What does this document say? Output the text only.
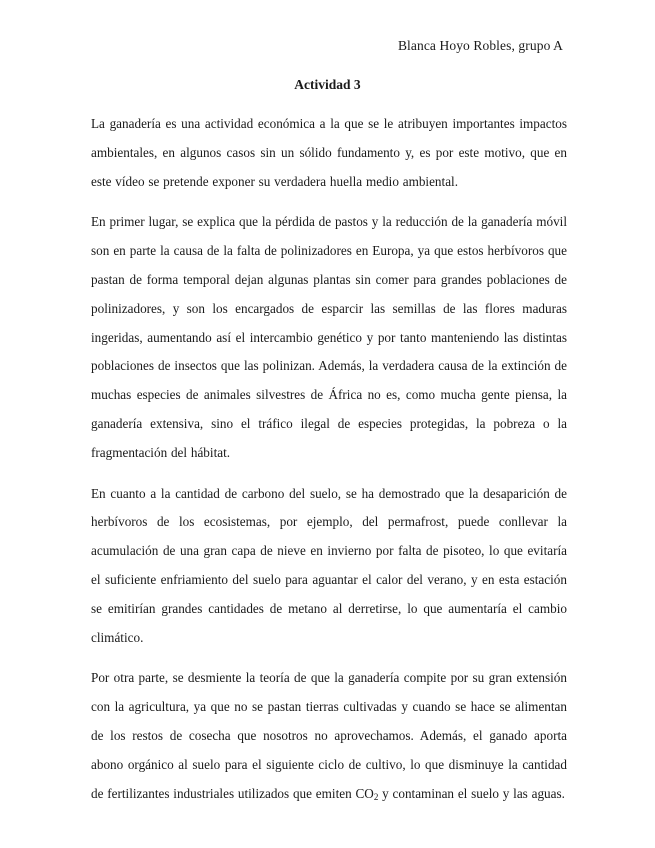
Blanca Hoyo Robles, grupo A
Actividad 3

La ganadería es una actividad económica a la que se le atribuyen importantes impactos ambientales, en algunos casos sin un sólido fundamento y, es por este motivo, que en este vídeo se pretende exponer su verdadera huella medio ambiental.

En primer lugar, se explica que la pérdida de pastos y la reducción de la ganadería móvil son en parte la causa de la falta de polinizadores en Europa, ya que estos herbívoros que pastan de forma temporal dejan algunas plantas sin comer para grandes poblaciones de polinizadores, y son los encargados de esparcir las semillas de las flores maduras ingeridas, aumentando así el intercambio genético y por tanto manteniendo las distintas poblaciones de insectos que las polinizan. Además, la verdadera causa de la extinción de muchas especies de animales silvestres de África no es, como mucha gente piensa, la ganadería extensiva, sino el tráfico ilegal de especies protegidas, la pobreza o la fragmentación del hábitat.

En cuanto a la cantidad de carbono del suelo, se ha demostrado que la desaparición de herbívoros de los ecosistemas, por ejemplo, del permafrost, puede conllevar la acumulación de una gran capa de nieve en invierno por falta de pisoteo, lo que evitaría el suficiente enfriamiento del suelo para aguantar el calor del verano, y en esta estación se emitirían grandes cantidades de metano al derretirse, lo que aumentaría el cambio climático.

Por otra parte, se desmiente la teoría de que la ganadería compite por su gran extensión con la agricultura, ya que no se pastan tierras cultivadas y cuando se hace se alimentan de los restos de cosecha que nosotros no aprovechamos. Además, el ganado aporta abono orgánico al suelo para el siguiente ciclo de cultivo, lo que disminuye la cantidad de fertilizantes industriales utilizados que emiten $CO_2$ y contaminan el suelo y las aguas.
